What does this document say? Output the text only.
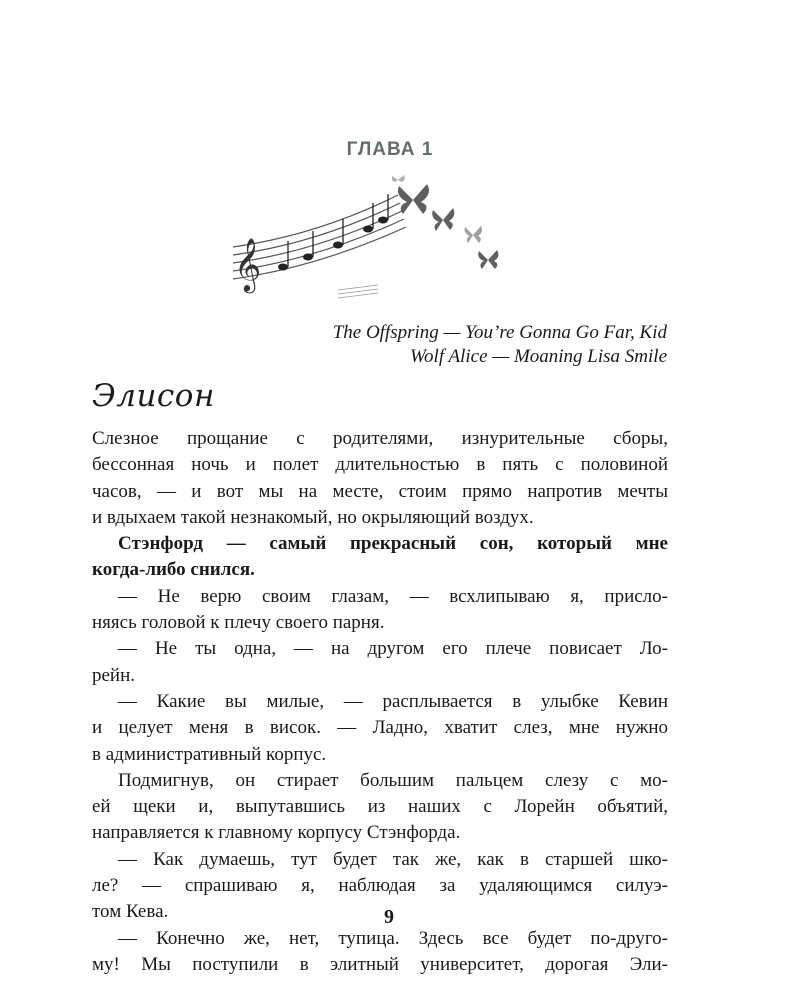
ГЛАВА 1
𝄞
The Offspring — You’re Gonna Go Far, Kid
Wolf Alice — Moaning Lisa Smile
Элисон
Слезное прощание с родителями, изнурительные сборы,
бессонная ночь и полет длительностью в пять с половиной
часов, — и вот мы на месте, стоим прямо напротив мечты
и вдыхаем такой незнакомый, но окрыляющий воздух.
Стэнфорд — самый прекрасный сон, который мне
когда-либо снился.
— Не верю своим глазам, — всхлипываю я, присло-
няясь головой к плечу своего парня.
— Не ты одна, — на другом его плече повисает Ло-
рейн.
— Какие вы милые, — расплывается в улыбке Кевин
и целует меня в висок. — Ладно, хватит слез, мне нужно
в административный корпус.
Подмигнув, он стирает большим пальцем слезу с мо-
ей щеки и, выпутавшись из наших с Лорейн объятий,
направляется к главному корпусу Стэнфорда.
— Как думаешь, тут будет так же, как в старшей шко-
ле? — спрашиваю я, наблюдая за удаляющимся силуэ-
том Кева.
— Конечно же, нет, тупица. Здесь все будет по-друго-
му! Мы поступили в элитный университет, дорогая Эли-
9
